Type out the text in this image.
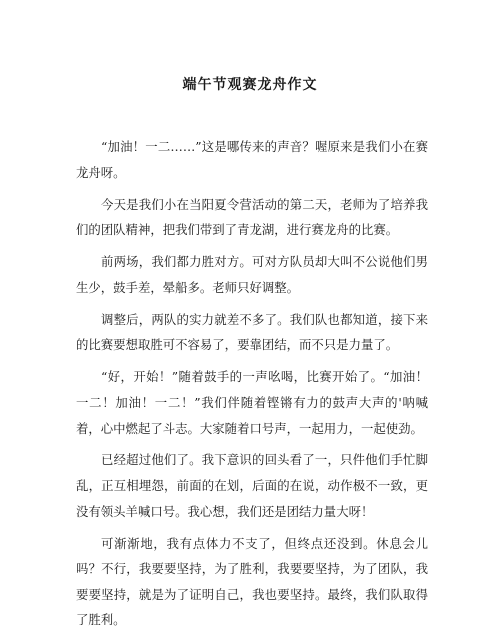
端午节观赛龙舟作文

“加油！一二……”这是哪传来的声音？喔原来是我们小在赛龙舟呀。

今天是我们小在当阳夏令营活动的第二天，老师为了培养我们的团队精神，把我们带到了青龙湖，进行赛龙舟的比赛。

前两场，我们都力胜对方。可对方队员却大叫不公说他们男生少，鼓手差，晕船多。老师只好调整。

调整后，两队的实力就差不多了。我们队也都知道，接下来的比赛要想取胜可不容易了，要靠团结，而不只是力量了。

“好，开始！”随着鼓手的一声吆喝，比赛开始了。“加油！一二！加油！一二！”我们伴随着铿锵有力的鼓声大声的'呐喊着，心中燃起了斗志。大家随着口号声，一起用力，一起使劲。

已经超过他们了。我下意识的回头看了一，只件他们手忙脚乱，正互相埋怨，前面的在划，后面的在说，动作极不一致，更没有领头羊喊口号。我心想，我们还是团结力量大呀！

可渐渐地，我有点体力不支了，但终点还没到。休息会儿吗？不行，我要要坚持，为了胜利，我要要坚持，为了团队，我要要坚持，就是为了证明自己，我也要坚持。最终，我们队取得了胜利。
